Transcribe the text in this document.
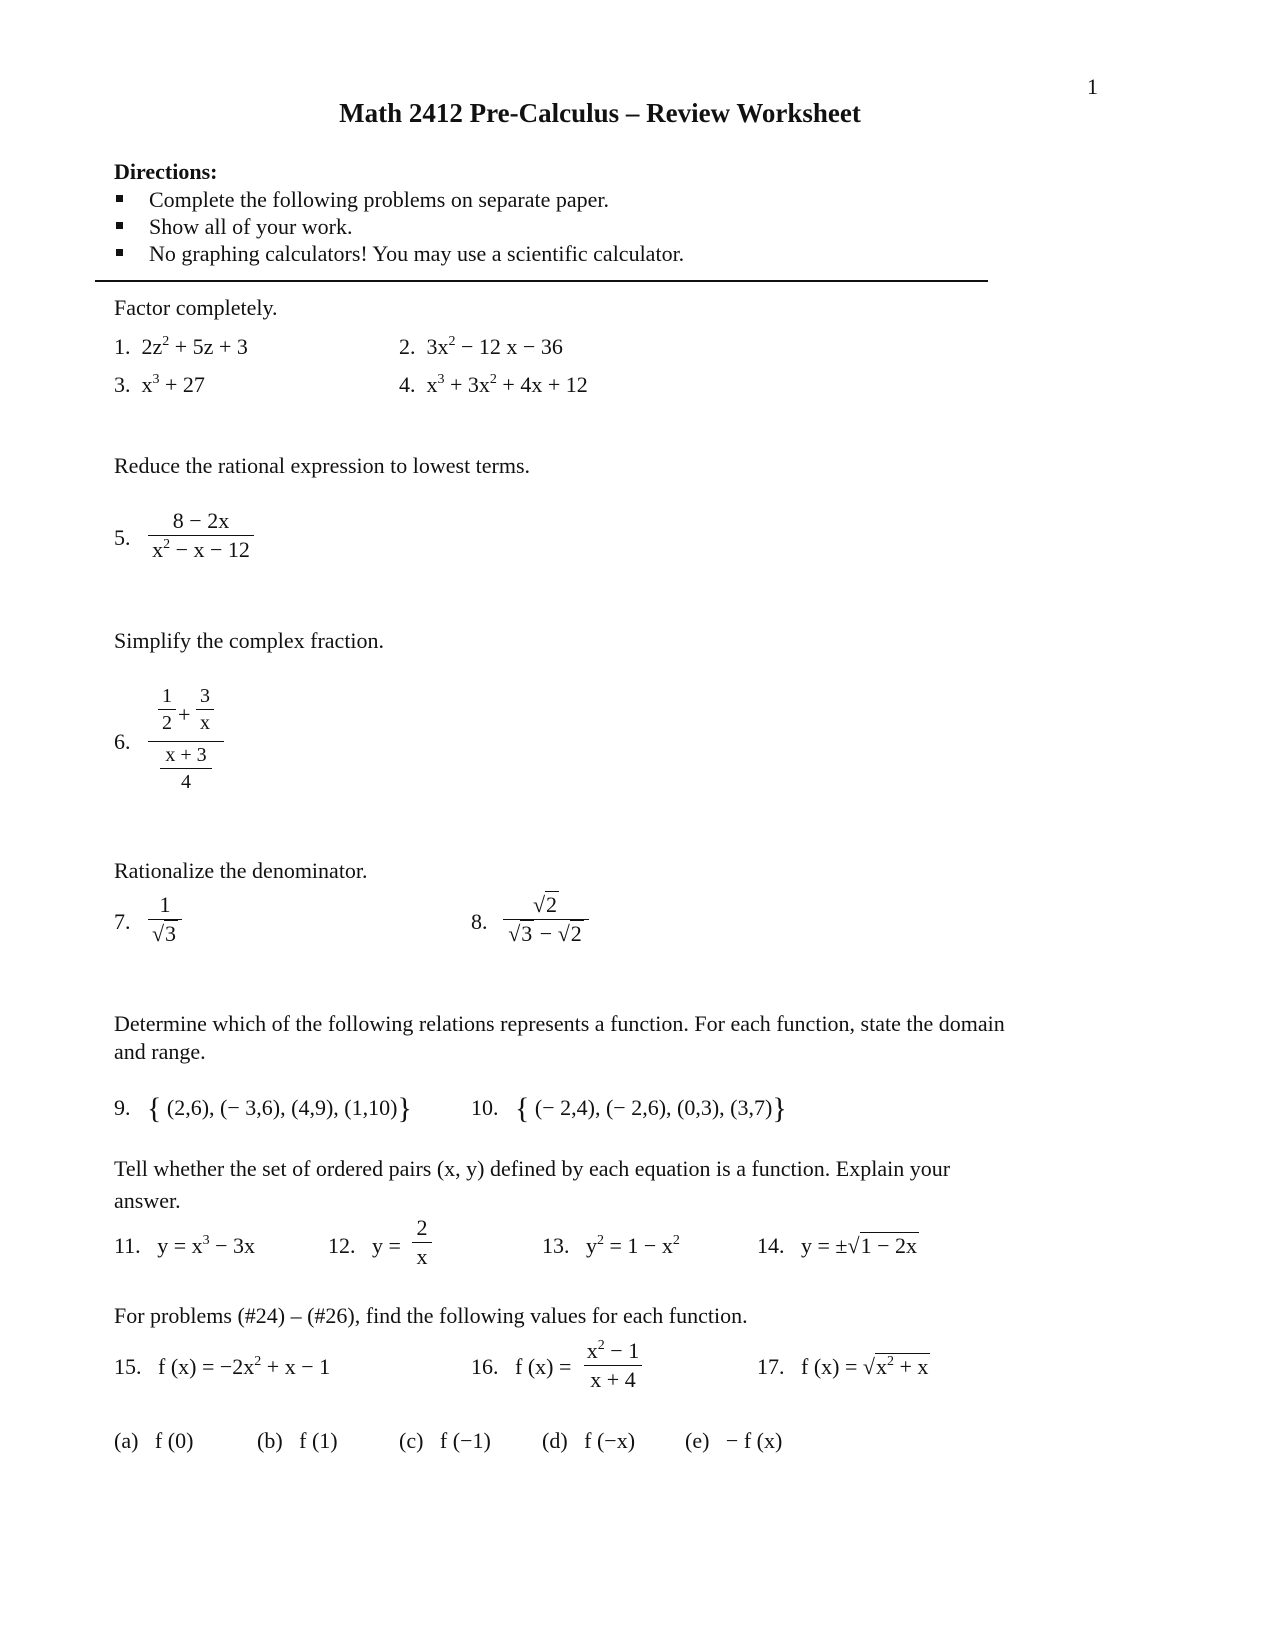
1
Math 2412 Pre-Calculus – Review Worksheet
Directions:
Complete the following problems on separate paper.
Show all of your work.
No graphing calculators! You may use a scientific calculator.
Factor completely.
1.  $2z^2 + 5z + 3$	2.  $3x^2 - 12$ x − 36
3.  $x^3 + 27$	4.  $x^3 + 3x^2 + 4x + 12$
Reduce the rational expression to lowest terms.
5.
8 − 2x
$x^2 - x - 12$
Simplify the complex fraction.
6.
1
2 +
3
x
x + 3
4
Rationalize the denominator.
7.
1
√3	8.
√2
√3 − √2
Determine which of the following relations represents a function. For each function, state the domain
and range.
9. { (2,6), (− 3,6), (4,9), (1,10)}	10. { (− 2,4), (− 2,6), (0,3), (3,7)}
Tell whether the set of ordered pairs (x, y) defined by each equation is a function. Explain your
answer.
11.   $y = x^3 - 3x$	12. y =
2
x	13.   $y^2 = 1 - x^2$	14.   y = ±√1 − 2x
For problems (#24) – (#26), find the following values for each function.
15.   f $(x) = -2x^2 + x - 1$	16. f (x) =
$x^2 - 1$
x + 4
17.   f $(x) = √x^2 + x$
(a) f (0)	(b) f (1)	(c) f (−1) (d) f (−x) (e) − f (x)
